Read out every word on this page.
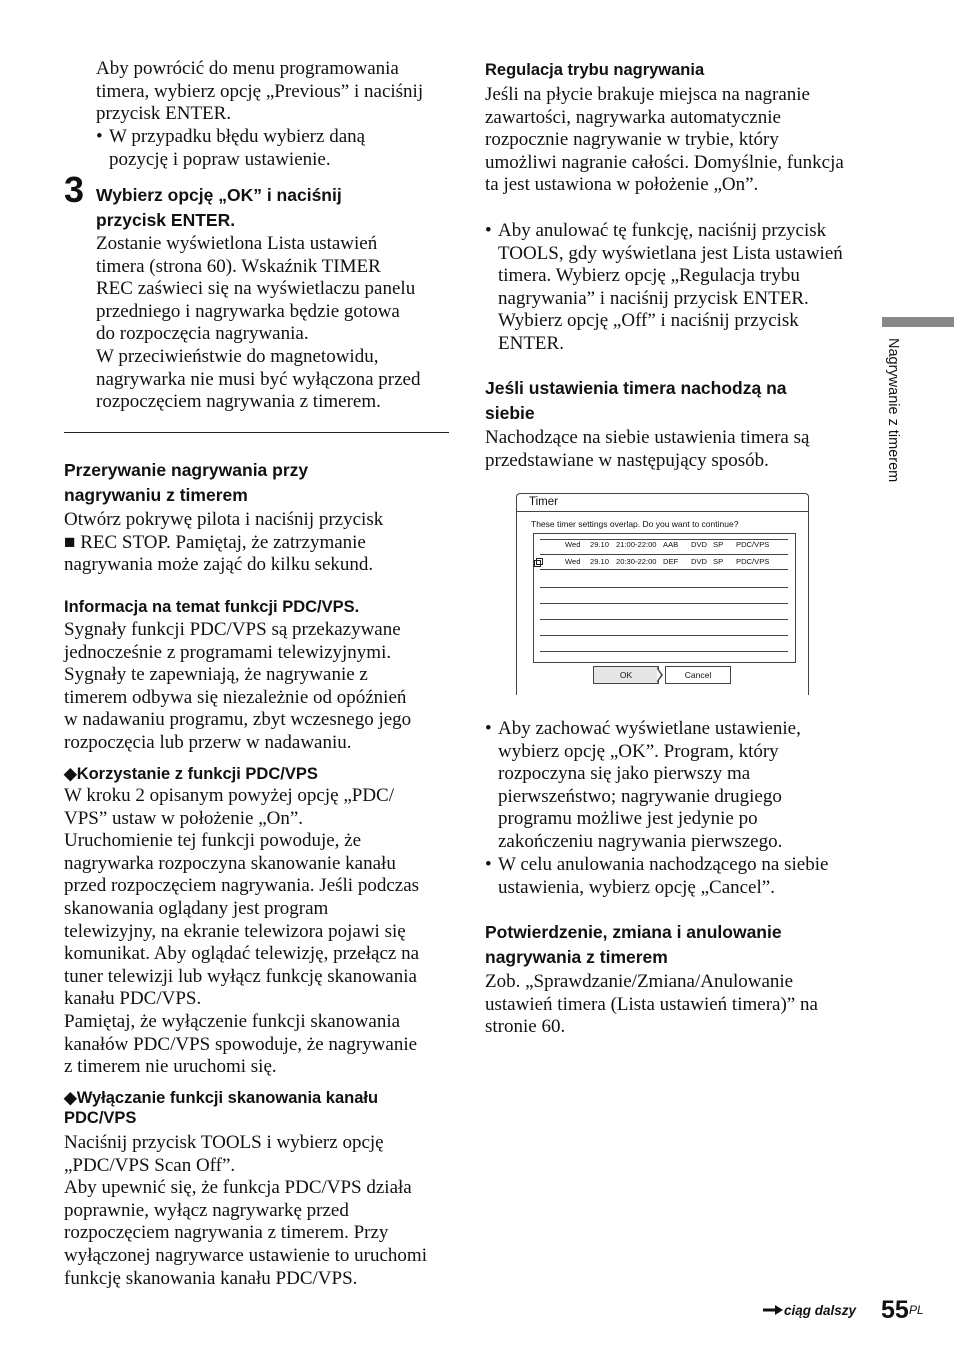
Aby powrócić do menu programowania
timera, wybierz opcję „Previous” i naciśnij
przycisk ENTER.
W przypadku błędu wybierz daną
pozycję i popraw ustawienie.
•
3 Wybierz opcję „OK” i naciśnij
przycisk ENTER.
Zostanie wyświetlona Lista ustawień
timera (strona 60). Wskaźnik TIMER
REC zaświeci się na wyświetlaczu panelu
przedniego i nagrywarka będzie gotowa
do rozpoczęcia nagrywania.
W przeciwieństwie do magnetowidu,
nagrywarka nie musi być wyłączona przed
rozpoczęciem nagrywania z timerem.
Przerywanie nagrywania przy
nagrywaniu z timerem
Otwórz pokrywę pilota i naciśnij przycisk
■ REC STOP. Pamiętaj, że zatrzymanie
nagrywania może zająć do kilku sekund.
Informacja na temat funkcji PDC/VPS.
Sygnały funkcji PDC/VPS są przekazywane
jednocześnie z programami telewizyjnymi.
Sygnały te zapewniają, że nagrywanie z
timerem odbywa się niezależnie od opóźnień
w nadawaniu programu, zbyt wczesnego jego
rozpoczęcia lub przerw w nadawaniu.
◆Korzystanie z funkcji PDC/VPS
W kroku 2 opisanym powyżej opcję „PDC/
VPS” ustaw w położenie „On”.
Uruchomienie tej funkcji powoduje, że
nagrywarka rozpoczyna skanowanie kanału
przed rozpoczęciem nagrywania. Jeśli podczas
skanowania oglądany jest program
telewizyjny, na ekranie telewizora pojawi się
komunikat. Aby oglądać telewizję, przełącz na
tuner telewizji lub wyłącz funkcję skanowania
kanału PDC/VPS.
Pamiętaj, że wyłączenie funkcji skanowania
kanałów PDC/VPS spowoduje, że nagrywanie
z timerem nie uruchomi się.
◆Wyłączanie funkcji skanowania kanału
PDC/VPS
Naciśnij przycisk TOOLS i wybierz opcję
„PDC/VPS Scan Off”.
Aby upewnić się, że funkcja PDC/VPS działa
poprawnie, wyłącz nagrywarkę przed
rozpoczęciem nagrywania z timerem. Przy
wyłączonej nagrywarce ustawienie to uruchomi
funkcję skanowania kanału PDC/VPS.
Regulacja trybu nagrywania
Jeśli na płycie brakuje miejsca na nagranie
zawartości, nagrywarka automatycznie
rozpocznie nagrywanie w trybie, który
umożliwi nagranie całości. Domyślnie, funkcja
ta jest ustawiona w położenie „On”.
• Aby anulować tę funkcję, naciśnij przycisk
TOOLS, gdy wyświetlana jest Lista ustawień
timera. Wybierz opcję „Regulacja trybu
nagrywania” i naciśnij przycisk ENTER.
Wybierz opcję „Off” i naciśnij przycisk
ENTER.
Jeśli ustawienia timera nachodzą na
siebie
Nachodzące na siebie ustawienia timera są
przedstawiane w następujący sposób.
Timer
These timer settings overlap. Do you want to continue?
Wed 29.10 21:00-22:00 AAB DVD SP PDC/VPS
Wed 29.10 20:30-22:00 DEF DVD SP PDC/VPS
OK	Cancel
• Aby zachować wyświetlane ustawienie,
wybierz opcję „OK”. Program, który
rozpoczyna się jako pierwszy ma
pierwszeństwo; nagrywanie drugiego
programu możliwe jest jedynie po
zakończeniu nagrywania pierwszego.
• W celu anulowania nachodzącego na siebie
ustawienia, wybierz opcję „Cancel”.
Potwierdzenie, zmiana i anulowanie
nagrywania z timerem
Zob. „Sprawdzanie/Zmiana/Anulowanie
ustawień timera (Lista ustawień timera)” na
stronie 60.
Nagrywanie z timerem
ciąg dalszy 55 PL
